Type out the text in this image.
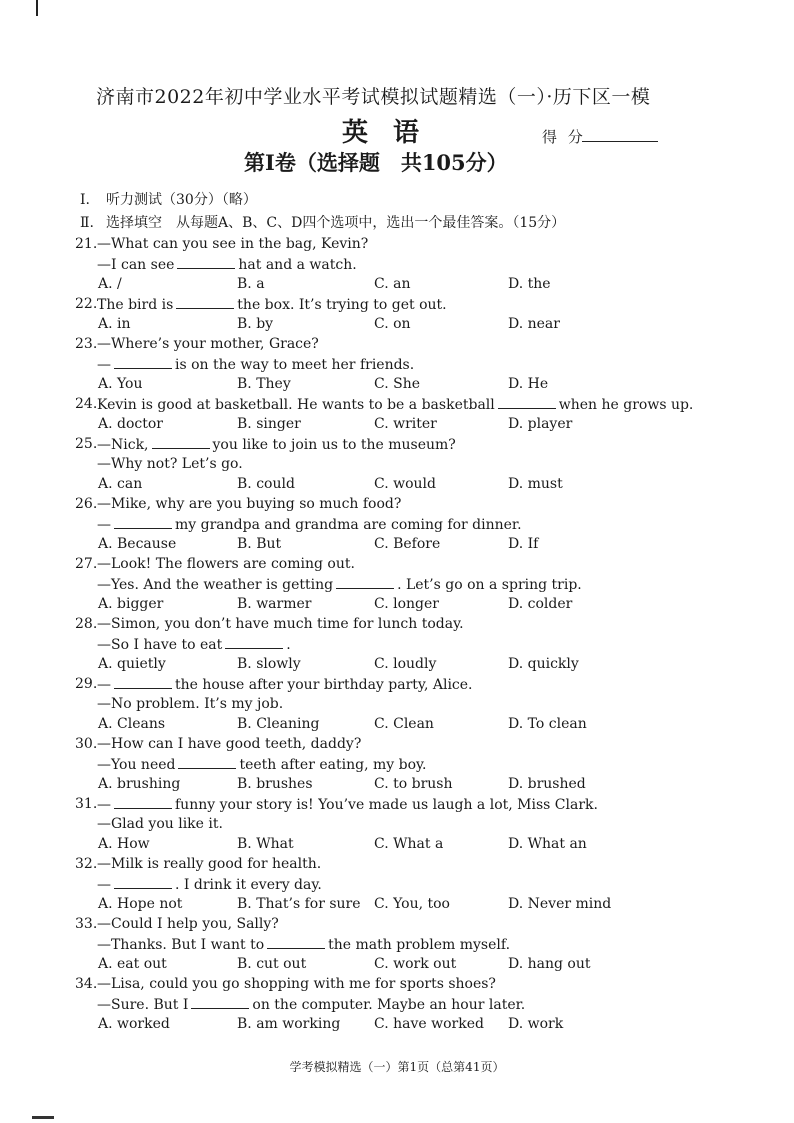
济南市2022年初中学业水平考试模拟试题精选（一）·历下区一模
英 语	得 分
第I卷（选择题　共105分）
Ⅰ. 听力测试（30分）（略）
Ⅱ. 选择填空　从每题A、B、C、D四个选项中，选出一个最佳答案。（15分）
21. —What can you see in the bag, Kevin?
—I can see	hat and a watch.
A. /	B. a	C. an	D. the
22. The bird is	the box. It’s trying to get out.
A. in	B. by	C. on	D. near
23. —Where’s your mother, Grace?
—	is on the way to meet her friends.
A. You	B. They	C. She	D. He
24. Kevin is good at basketball. He wants to be a basketball	when he grows up.
A. doctor	B. singer	C. writer	D. player
25. —Nick,	you like to join us to the museum?
—Why not? Let’s go.
A. can	B. could	C. would	D. must
26. —Mike, why are you buying so much food?
—	my grandpa and grandma are coming for dinner.
A. Because	B. But	C. Before	D. If
27. —Look! The flowers are coming out.
—Yes. And the weather is getting	. Let’s go on a spring trip.
A. bigger	B. warmer	C. longer	D. colder
28. —Simon, you don’t have much time for lunch today.
—So I have to eat	.
A. quietly	B. slowly	C. loudly	D. quickly
29. —	the house after your birthday party, Alice.
—No problem. It’s my job.
A. Cleans	B. Cleaning	C. Clean	D. To clean
30. —How can I have good teeth, daddy?
—You need	teeth after eating, my boy.
A. brushing	B. brushes	C. to brush	D. brushed
31. —	funny your story is! You’ve made us laugh a lot, Miss Clark.
—Glad you like it.
A. How	B. What	C. What a	D. What an
32. —Milk is really good for health.
—	. I drink it every day.
A. Hope not	B. That’s for sure C. You, too	D. Never mind
33. —Could I help you, Sally?
—Thanks. But I want to	the math problem myself.
A. eat out	B. cut out	C. work out	D. hang out
34. —Lisa, could you go shopping with me for sports shoes?
—Sure. But I	on the computer. Maybe an hour later.
A. worked	B. am working C. have worked D. work
学考模拟精选（一）第1页（总第41页）
